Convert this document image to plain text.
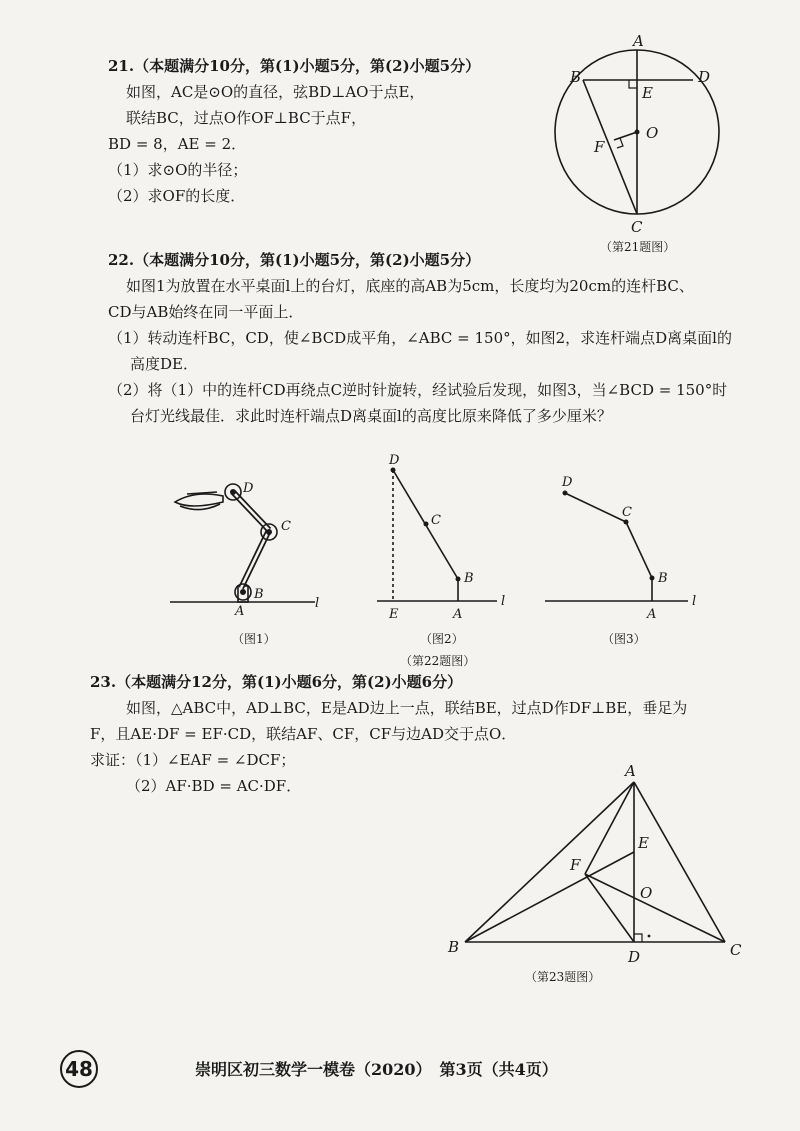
21.（本题满分10分，第(1)小题5分，第(2)小题5分）
如图，AC是⊙O的直径，弦BD⊥AO于点E，
联结BC，过点O作OF⊥BC于点F，
BD = 8，AE = 2．
（1）求⊙O的半径；
（2）求OF的长度．
A
B	D
E
O
F
C
（第21题图）
22.（本题满分10分，第(1)小题5分，第(2)小题5分）
如图1为放置在水平桌面l上的台灯，底座的高AB为5cm，长度均为20cm的连杆BC、
CD与AB始终在同一平面上．
（1）转动连杆BC，CD，使∠BCD成平角，∠ABC = 150°，如图2，求连杆端点D离桌面l的
高度DE．
（2）将（1）中的连杆CD再绕点C逆时针旋转，经试验后发现，如图3，当∠BCD = 150°时
台灯光线最佳．求此时连杆端点D离桌面l的高度比原来降低了多少厘米？
D
C
B
A
l
（图1）
D
C
B
E	A
l
（图2）
D
C
B
A
l
（图3）
（第22题图）
23.（本题满分12分，第(1)小题6分，第(2)小题6分）
如图，△ABC中，AD⊥BC，E是AD边上一点，联结BE，过点D作DF⊥BE，垂足为
F，且AE·DF = EF·CD，联结AF、CF，CF与边AD交于点O．
求证：（1）∠EAF = ∠DCF；
（2）AF·BD = AC·DF．
A
E
F
O
B
D	C
（第23题图）
48	崇明区初三数学一模卷（2020）　第3页（共4页）
